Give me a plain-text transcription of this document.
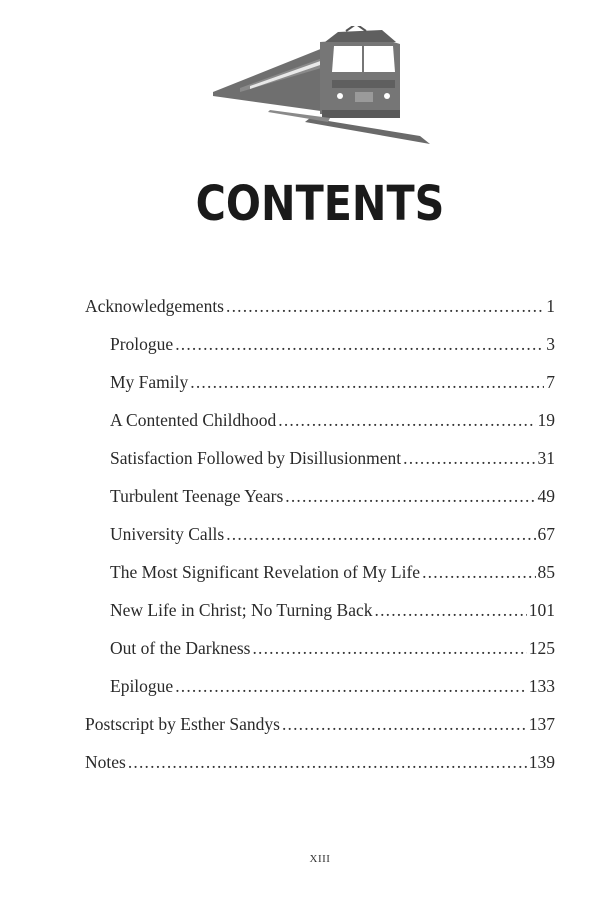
CONTENTS
Acknowledgements .....	1
Prologue .....	3
My Family .....	7
A Contented Childhood .....	19
Satisfaction Followed by Disillusionment .....	31
Turbulent Teenage Years .....	49
University Calls .....	67
The Most Significant Revelation of My Life .....	85
New Life in Christ; No Turning Back .....	101
Out of the Darkness .....	125
Epilogue .....	133
Postscript by Esther Sandys .....	137
Notes .....	139
XIII
